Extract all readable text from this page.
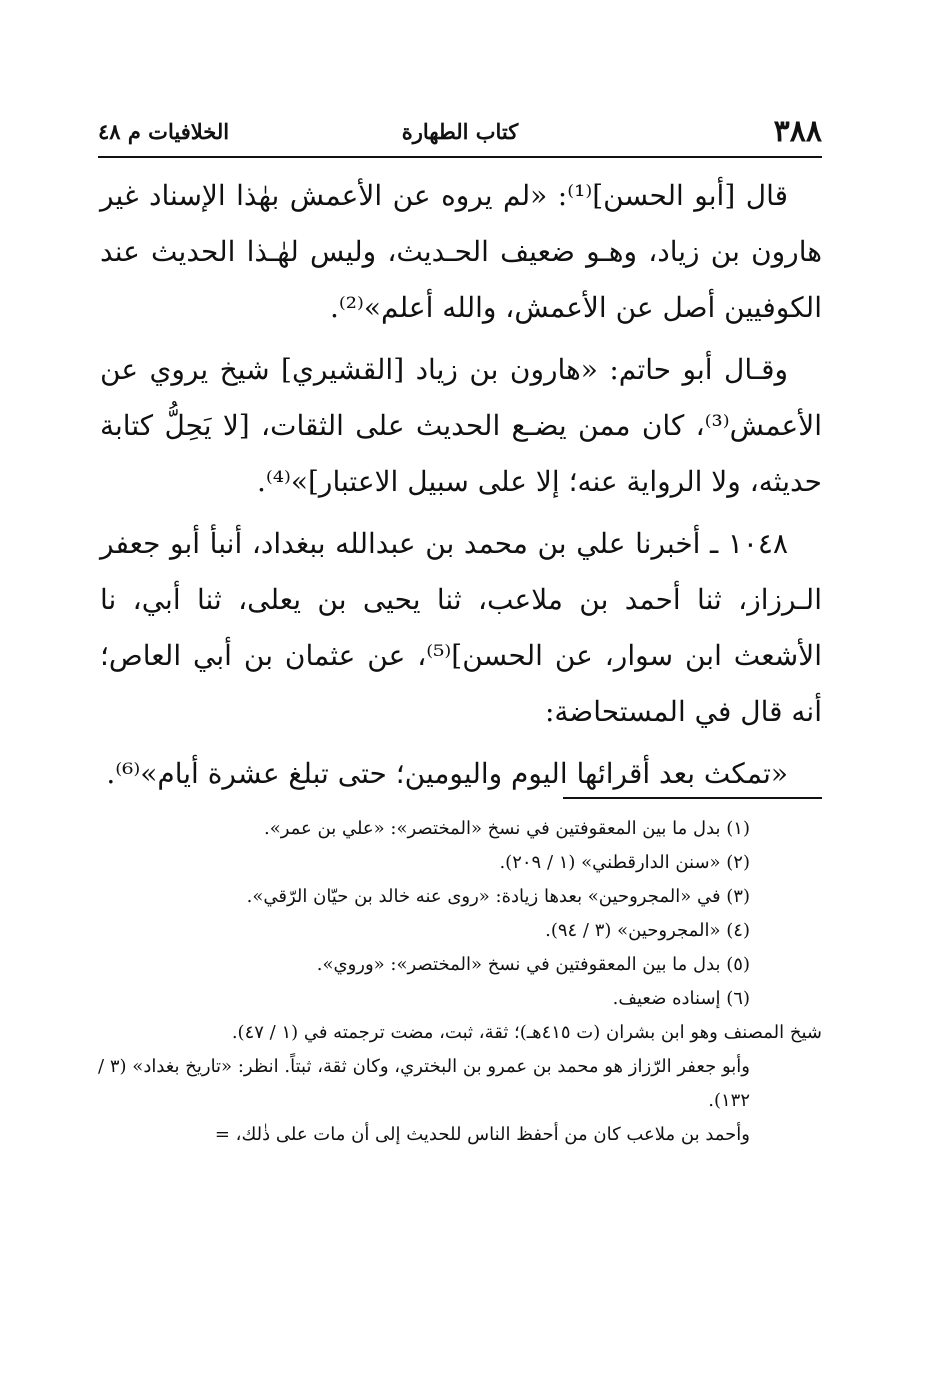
٣٨٨
كتاب الطهارة
الخلافيات م ٤٨

قال [أبو الحسن]⁽¹⁾: «لم يروه عن الأعمش بهٰذا الإسناد غير هارون بن زياد، وهـو ضعيف الحـديث، وليس لهٰـذا الحديث عند الكوفيين أصل عن الأعمش، والله أعلم»⁽²⁾.

وقـال أبو حاتم: «هارون بن زياد [القشيري] شيخ يروي عن الأعمش⁽³⁾، كان ممن يضـع الحديث على الثقات، [لا يَحِلُّ كتابة حديثه، ولا الرواية عنه؛ إلا على سبيل الاعتبار]»⁽⁴⁾.

١٠٤٨ ـ أخبرنا علي بن محمد بن عبدالله ببغداد، أنبأ أبو جعفر الـرزاز، ثنا أحمد بن ملاعب، ثنا يحيى بن يعلى، ثنا أبي، نا الأشعث ابن سوار، عن الحسن]⁽⁵⁾، عن عثمان بن أبي العاص؛ أنه قال في المستحاضة:

«تمكث بعد أقرائها اليوم واليومين؛ حتى تبلغ عشرة أيام»⁽⁶⁾.

(١) بدل ما بين المعقوفتين في نسخ «المختصر»: «علي بن عمر».

(٢) «سنن الدارقطني» (١ / ٢٠٩).

(٣) في «المجروحين» بعدها زيادة: «روى عنه خالد بن حيّان الرّقي».

(٤) «المجروحين» (٣ / ٩٤).

(٥) بدل ما بين المعقوفتين في نسخ «المختصر»: «وروي».

(٦) إسناده ضعيف.

شيخ المصنف وهو ابن بشران (ت ٤١٥هـ)؛ ثقة، ثبت، مضت ترجمته في (١ / ٤٧).

وأبو جعفر الرّزاز هو محمد بن عمرو بن البختري، وكان ثقة، ثبتاً. انظر: «تاريخ بغداد» (٣ / ١٣٢).

وأحمد بن ملاعب كان من أحفظ الناس للحديث إلى أن مات على ذٰلك، =
